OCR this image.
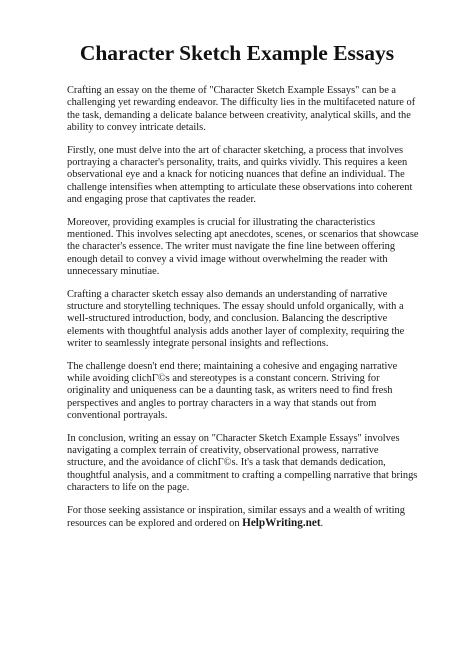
Character Sketch Example Essays

Crafting an essay on the theme of "Character Sketch Example Essays" can be a challenging yet rewarding endeavor. The difficulty lies in the multifaceted nature of the task, demanding a delicate balance between creativity, analytical skills, and the ability to convey intricate details.

Firstly, one must delve into the art of character sketching, a process that involves portraying a character's personality, traits, and quirks vividly. This requires a keen observational eye and a knack for noticing nuances that define an individual. The challenge intensifies when attempting to articulate these observations into coherent and engaging prose that captivates the reader.

Moreover, providing examples is crucial for illustrating the characteristics mentioned. This involves selecting apt anecdotes, scenes, or scenarios that showcase the character's essence. The writer must navigate the fine line between offering enough detail to convey a vivid image without overwhelming the reader with unnecessary minutiae.

Crafting a character sketch essay also demands an understanding of narrative structure and storytelling techniques. The essay should unfold organically, with a well-structured introduction, body, and conclusion. Balancing the descriptive elements with thoughtful analysis adds another layer of complexity, requiring the writer to seamlessly integrate personal insights and reflections.

The challenge doesn't end there; maintaining a cohesive and engaging narrative while avoiding clichГ©s and stereotypes is a constant concern. Striving for originality and uniqueness can be a daunting task, as writers need to find fresh perspectives and angles to portray characters in a way that stands out from conventional portrayals.

In conclusion, writing an essay on "Character Sketch Example Essays" involves navigating a complex terrain of creativity, observational prowess, narrative structure, and the avoidance of clichГ©s. It's a task that demands dedication, thoughtful analysis, and a commitment to crafting a compelling narrative that brings characters to life on the page.

For those seeking assistance or inspiration, similar essays and a wealth of writing resources can be explored and ordered on HelpWriting.net.
